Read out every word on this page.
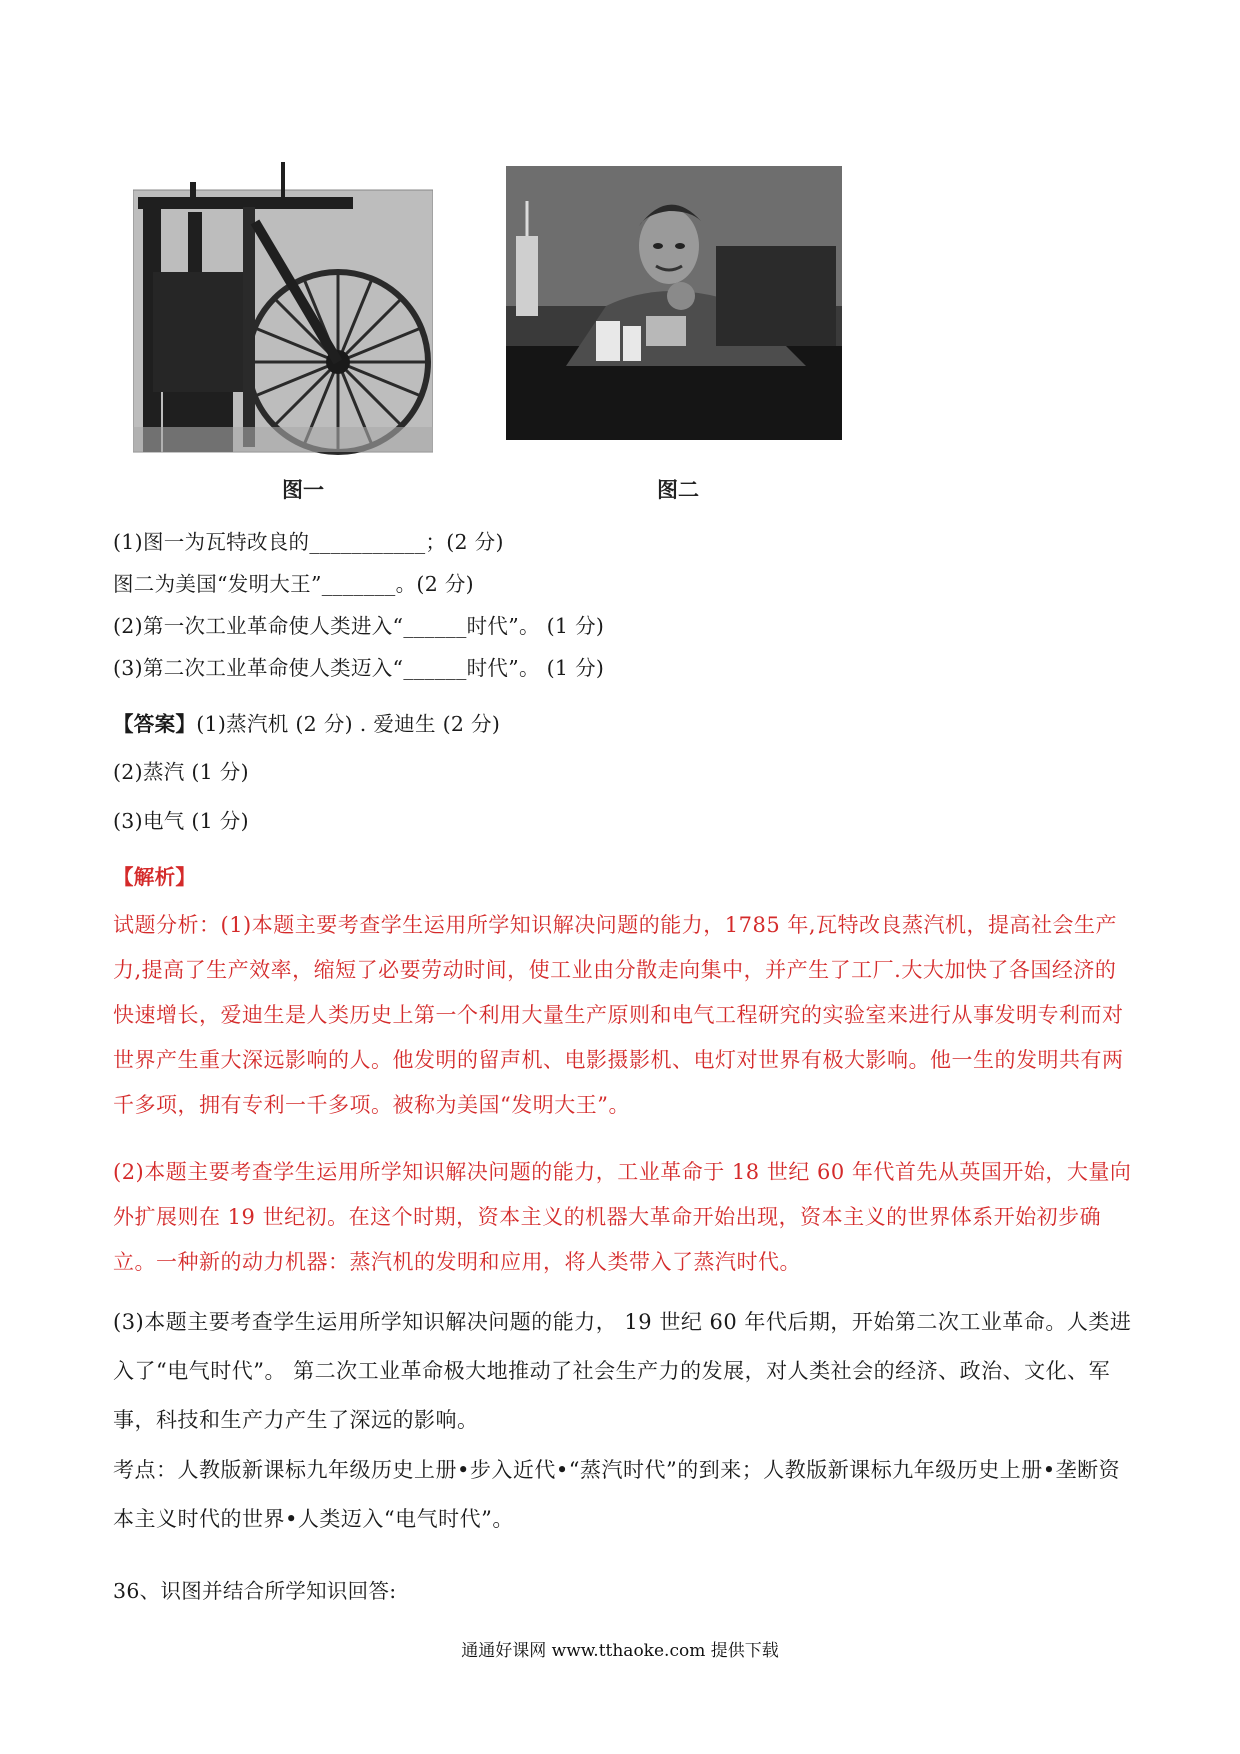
图一	图二
(1)图一为瓦特改良的___________；(2 分)
图二为美国“发明大王”_______。(2 分)
(2)第一次工业革命使人类进入“______时代”。 (1 分)
(3)第二次工业革命使人类迈入“______时代”。 (1 分)
【答案】(1)蒸汽机 (2 分) . 爱迪生 (2 分)
(2)蒸汽 (1 分)
(3)电气 (1 分)
【解析】
试题分析：(1)本题主要考查学生运用所学知识解决问题的能力，1785 年,瓦特改良蒸汽机，提高社会生产力,提高了生产效率，缩短了必要劳动时间，使工业由分散走向集中，并产生了工厂.大大加快了各国经济的快速增长，爱迪生是人类历史上第一个利用大量生产原则和电气工程研究的实验室来进行从事发明专利而对世界产生重大深远影响的人。他发明的留声机、电影摄影机、电灯对世界有极大影响。他一生的发明共有两千多项，拥有专利一千多项。被称为美国“发明大王”。
(2)本题主要考查学生运用所学知识解决问题的能力，工业革命于 18 世纪 60 年代首先从英国开始，大量向外扩展则在 19 世纪初。在这个时期，资本主义的机器大革命开始出现，资本主义的世界体系开始初步确立。一种新的动力机器：蒸汽机的发明和应用，将人类带入了蒸汽时代。
(3)本题主要考查学生运用所学知识解决问题的能力， 19 世纪 60 年代后期，开始第二次工业革命。人类进入了“电气时代”。 第二次工业革命极大地推动了社会生产力的发展，对人类社会的经济、政治、文化、军事，科技和生产力产生了深远的影响。
考点：人教版新课标九年级历史上册•步入近代•“蒸汽时代”的到来；人教版新课标九年级历史上册•垄断资本主义时代的世界•人类迈入“电气时代”。
36、识图并结合所学知识回答:
通通好课网 www.tthaoke.com 提供下载
